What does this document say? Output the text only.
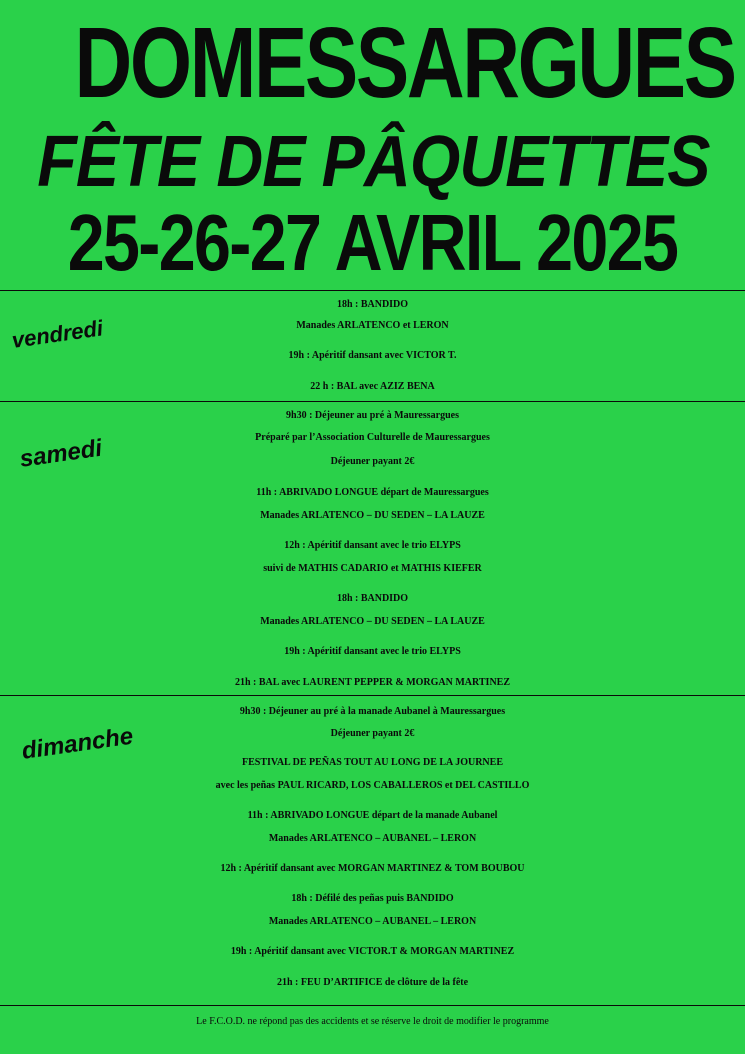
DOMESSARGUES
FÊTE DE PÂQUETTES
25-26-27 AVRIL 2025
vendredi
18h : BANDIDO
Manades ARLATENCO et LERON
19h : Apéritif dansant avec VICTOR T.
22 h : BAL avec AZIZ BENA
samedi
9h30 : Déjeuner au pré à Mauressargues
Préparé par l’Association Culturelle de Mauressargues
Déjeuner payant 2€
11h : ABRIVADO LONGUE départ de Mauressargues
Manades ARLATENCO – DU SEDEN – LA LAUZE
12h : Apéritif dansant avec le trio ELYPS
suivi de MATHIS CADARIO et MATHIS KIEFER
18h : BANDIDO
Manades ARLATENCO – DU SEDEN – LA LAUZE
19h : Apéritif dansant avec le trio ELYPS
21h : BAL avec LAURENT PEPPER & MORGAN MARTINEZ
dimanche
9h30 : Déjeuner au pré à la manade Aubanel à Mauressargues
Déjeuner payant 2€
FESTIVAL DE PEÑAS TOUT AU LONG DE LA JOURNEE
avec les peñas PAUL RICARD, LOS CABALLEROS et DEL CASTILLO
11h : ABRIVADO LONGUE départ de la manade Aubanel
Manades ARLATENCO – AUBANEL – LERON
12h : Apéritif dansant avec MORGAN MARTINEZ & TOM BOUBOU
18h : Défilé des peñas puis BANDIDO
Manades ARLATENCO – AUBANEL – LERON
19h : Apéritif dansant avec VICTOR.T & MORGAN MARTINEZ
21h : FEU D’ARTIFICE de clôture de la fête
Le F.C.O.D. ne répond pas des accidents et se réserve le droit de modifier le programme
